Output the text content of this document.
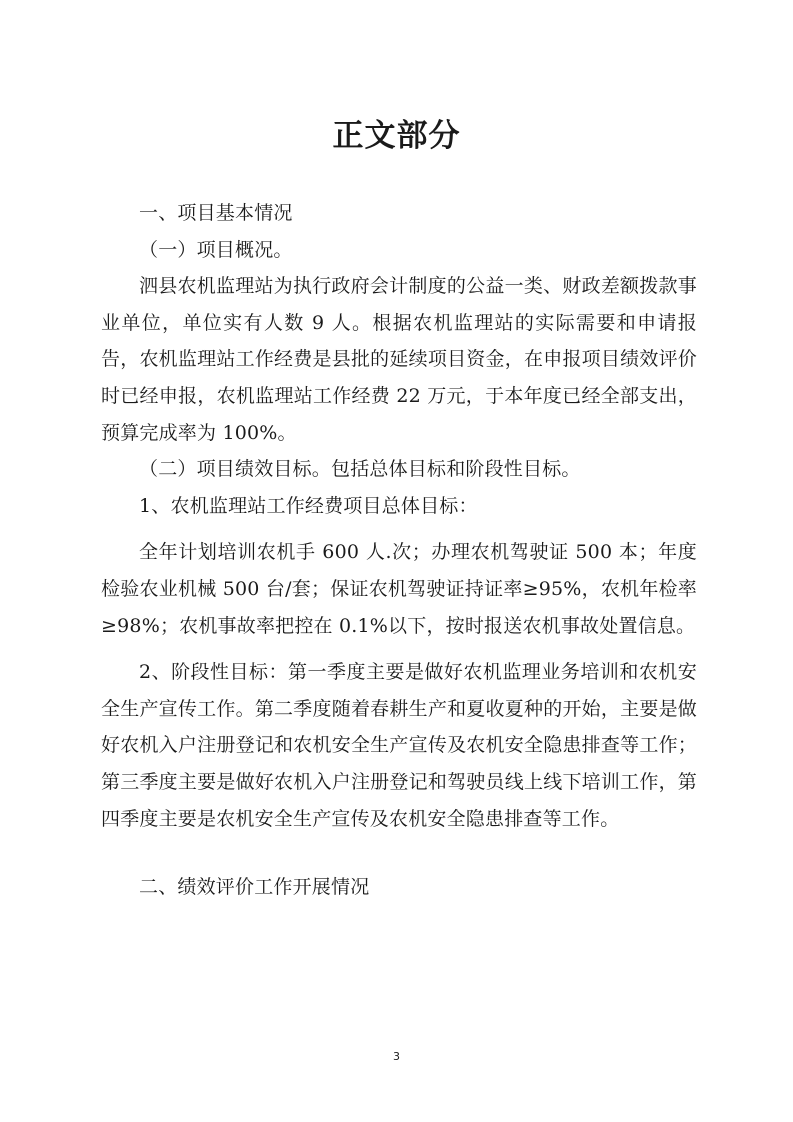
正文部分

一、项目基本情况

（一）项目概况。

泗县农机监理站为执行政府会计制度的公益一类、财政差额拨款事业单位，单位实有人数 9 人。根据农机监理站的实际需要和申请报告，农机监理站工作经费是县批的延续项目资金，在申报项目绩效评价时已经申报，农机监理站工作经费 22 万元，于本年度已经全部支出，预算完成率为 100%。

（二）项目绩效目标。包括总体目标和阶段性目标。

1、农机监理站工作经费项目总体目标：

全年计划培训农机手 600 人.次；办理农机驾驶证 500 本；年度检验农业机械 500 台/套；保证农机驾驶证持证率≥95%，农机年检率≥98%；农机事故率把控在 0.1%以下，按时报送农机事故处置信息。

2、阶段性目标：第一季度主要是做好农机监理业务培训和农机安全生产宣传工作。第二季度随着春耕生产和夏收夏种的开始，主要是做好农机入户注册登记和农机安全生产宣传及农机安全隐患排查等工作；第三季度主要是做好农机入户注册登记和驾驶员线上线下培训工作，第四季度主要是农机安全生产宣传及农机安全隐患排查等工作。

二、绩效评价工作开展情况

3
